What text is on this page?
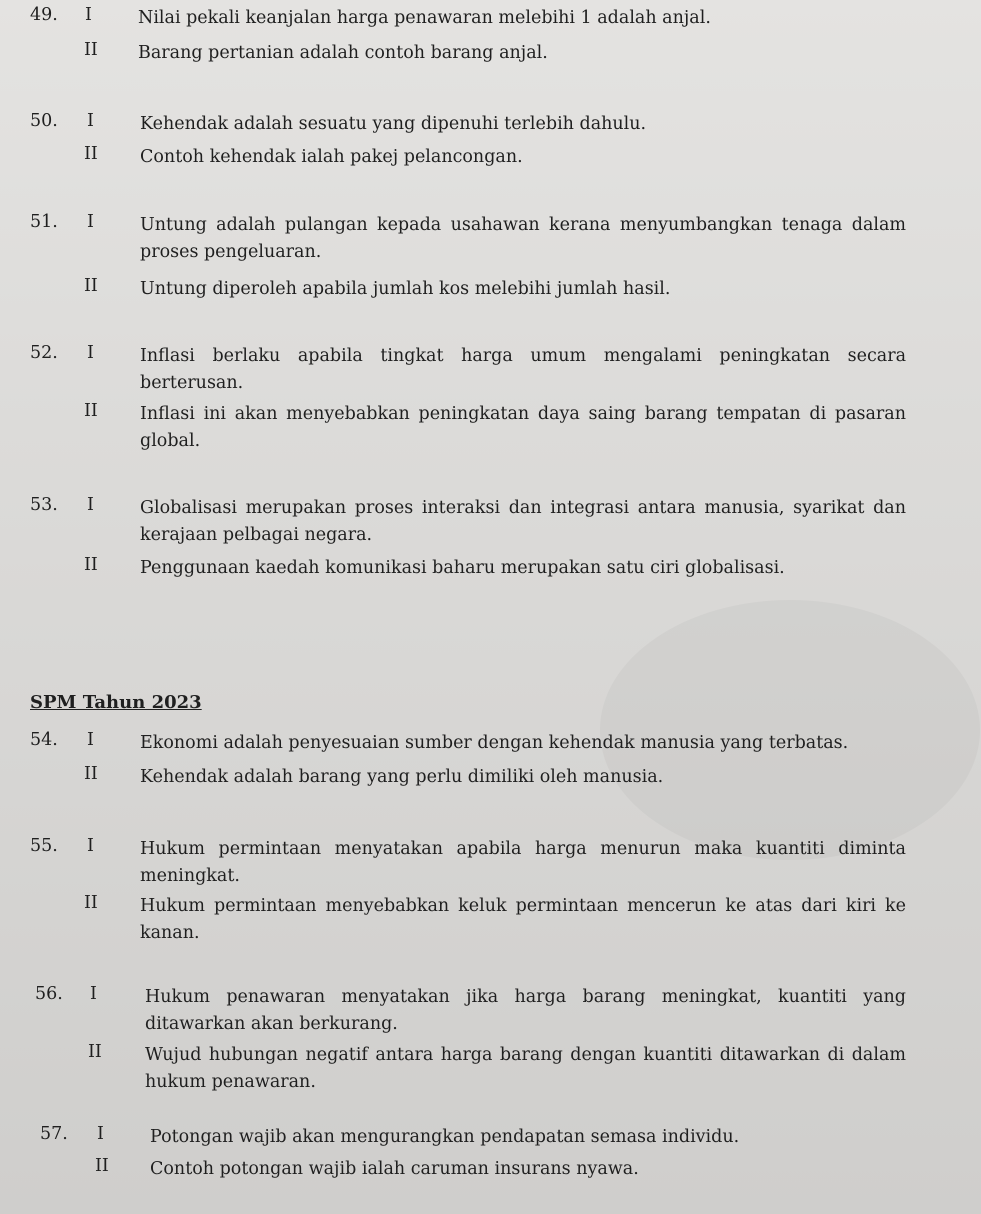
49. I	Nilai pekali keanjalan harga penawaran melebihi 1 adalah anjal.
II Barang pertanian adalah contoh barang anjal.
50. I	Kehendak adalah sesuatu yang dipenuhi terlebih dahulu.
II Contoh kehendak ialah pakej pelancongan.
51. I	Untung adalah pulangan kepada usahawan kerana menyumbangkan tenaga dalam proses pengeluaran.
II Untung diperoleh apabila jumlah kos melebihi jumlah hasil.
52. I	Inflasi berlaku apabila tingkat harga umum mengalami peningkatan secara berterusan.
II Inflasi ini akan menyebabkan peningkatan daya saing barang tempatan di pasaran global.
53. I	Globalisasi merupakan proses interaksi dan integrasi antara manusia, syarikat dan kerajaan pelbagai negara.
II Penggunaan kaedah komunikasi baharu merupakan satu ciri globalisasi.
SPM Tahun 2023
54. I	Ekonomi adalah penyesuaian sumber dengan kehendak manusia yang terbatas.
II Kehendak adalah barang yang perlu dimiliki oleh manusia.
55. I	Hukum permintaan menyatakan apabila harga menurun maka kuantiti diminta meningkat.
II Hukum permintaan menyebabkan keluk permintaan mencerun ke atas dari kiri ke kanan.
56. I	Hukum penawaran menyatakan jika harga barang meningkat, kuantiti yang ditawarkan akan berkurang.
II Wujud hubungan negatif antara harga barang dengan kuantiti ditawarkan di dalam hukum penawaran.
57. I	Potongan wajib akan mengurangkan pendapatan semasa individu.
II Contoh potongan wajib ialah caruman insurans nyawa.
